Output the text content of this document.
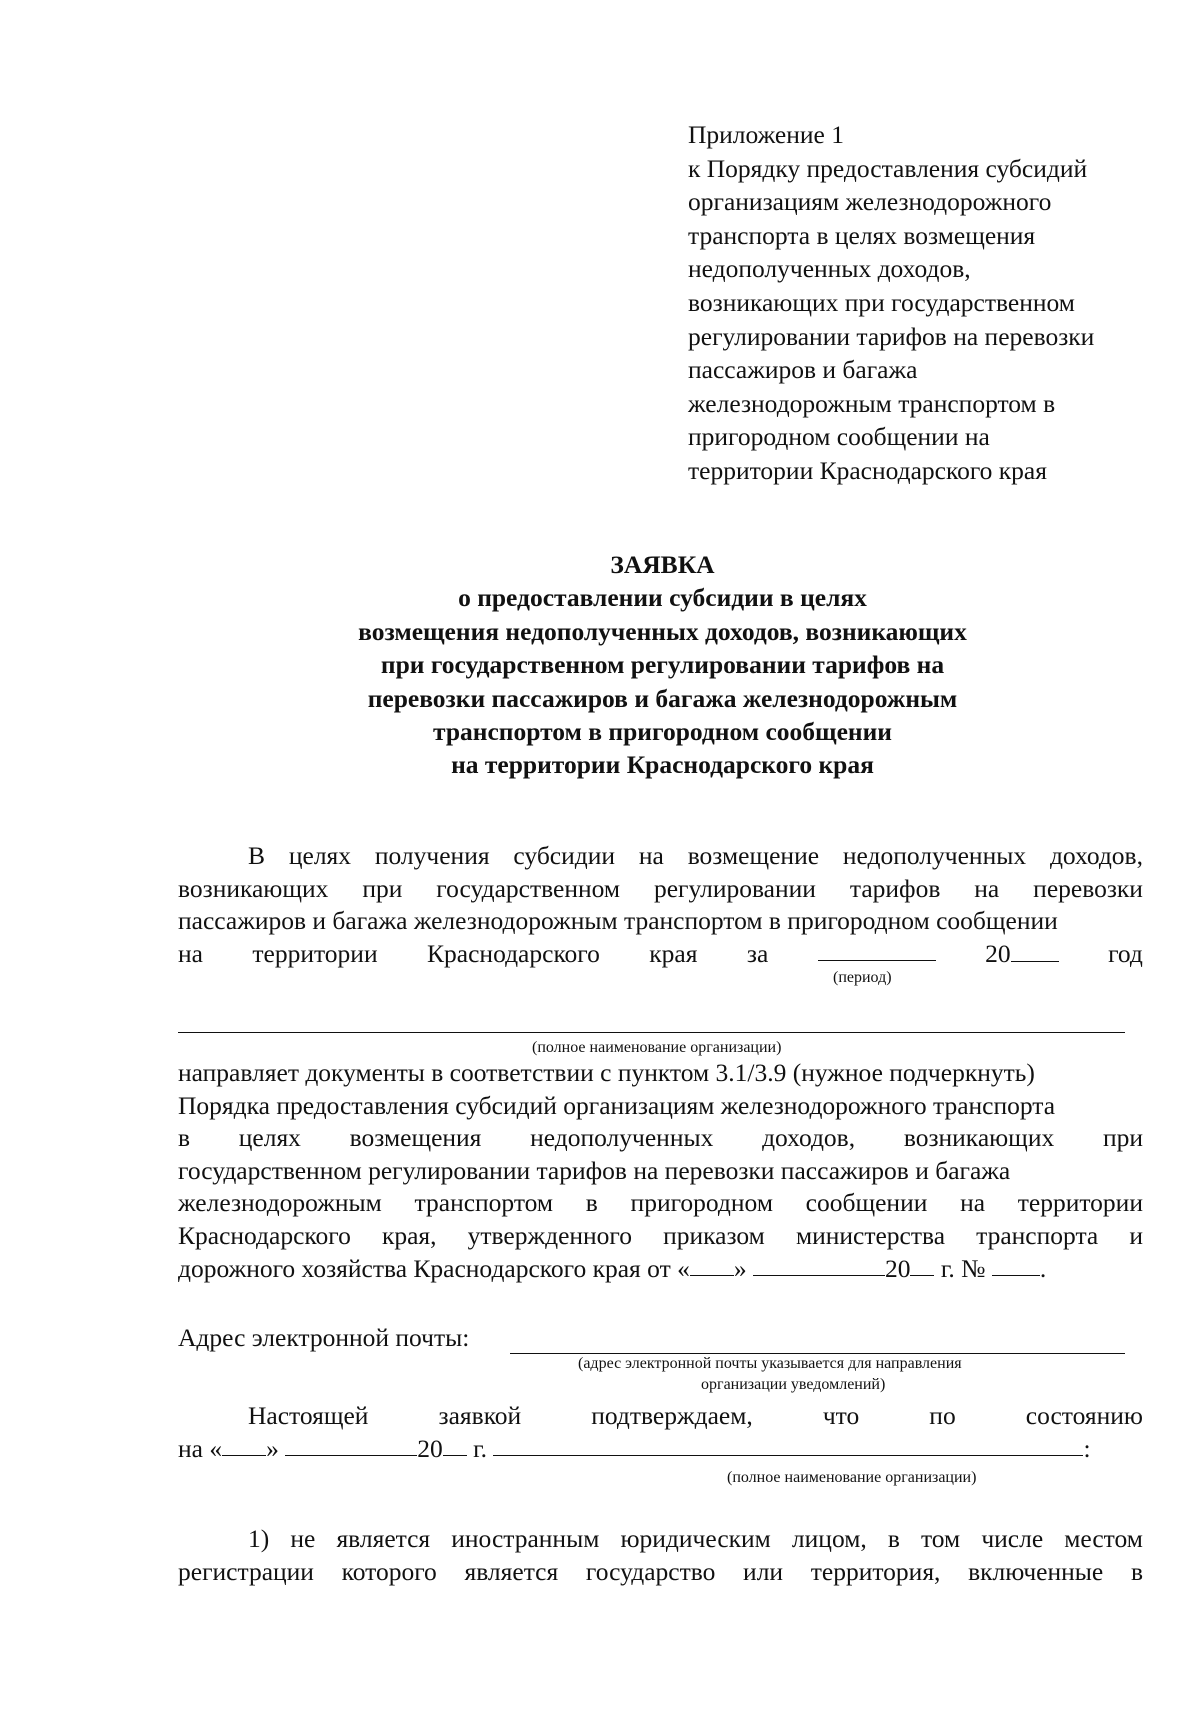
Приложение 1
к Порядку предоставления субсидий
организациям железнодорожного
транспорта в целях возмещения
недополученных доходов,
возникающих при государственном
регулировании тарифов на перевозки
пассажиров и багажа
железнодорожным транспортом в
пригородном сообщении на
территории Краснодарского края
ЗАЯВКА
о предоставлении субсидии в целях
возмещения недополученных доходов, возникающих
при государственном регулировании тарифов на
перевозки пассажиров и багажа железнодорожным
транспортом в пригородном сообщении
на территории Краснодарского края
В целях получения субсидии на возмещение недополученных доходов,
возникающих при государственном регулировании тарифов на перевозки
пассажиров и багажа железнодорожным транспортом в пригородном сообщении
на территории Краснодарского края за	20	год
(период)
(полное наименование организации)
направляет документы в соответствии с пунктом 3.1/3.9 (нужное подчеркнуть)
Порядка предоставления субсидий организациям железнодорожного транспорта
в целях возмещения недополученных доходов, возникающих при
государственном регулировании тарифов на перевозки пассажиров и багажа
железнодорожным транспортом в пригородном сообщении на территории
Краснодарского края, утвержденного приказом министерства транспорта и
дорожного хозяйства Краснодарского края от « »
	20
г. №
.
Адрес электронной почты:
(адрес электронной почты указывается для направления
организации уведомлений)
Настоящей	заявкой	подтверждаем,	что	по	состоянию
на « »
	20
г.
	:
(полное наименование организации)
1) не является иностранным юридическим лицом, в том числе местом
регистрации которого является государство или территория, включенные в
